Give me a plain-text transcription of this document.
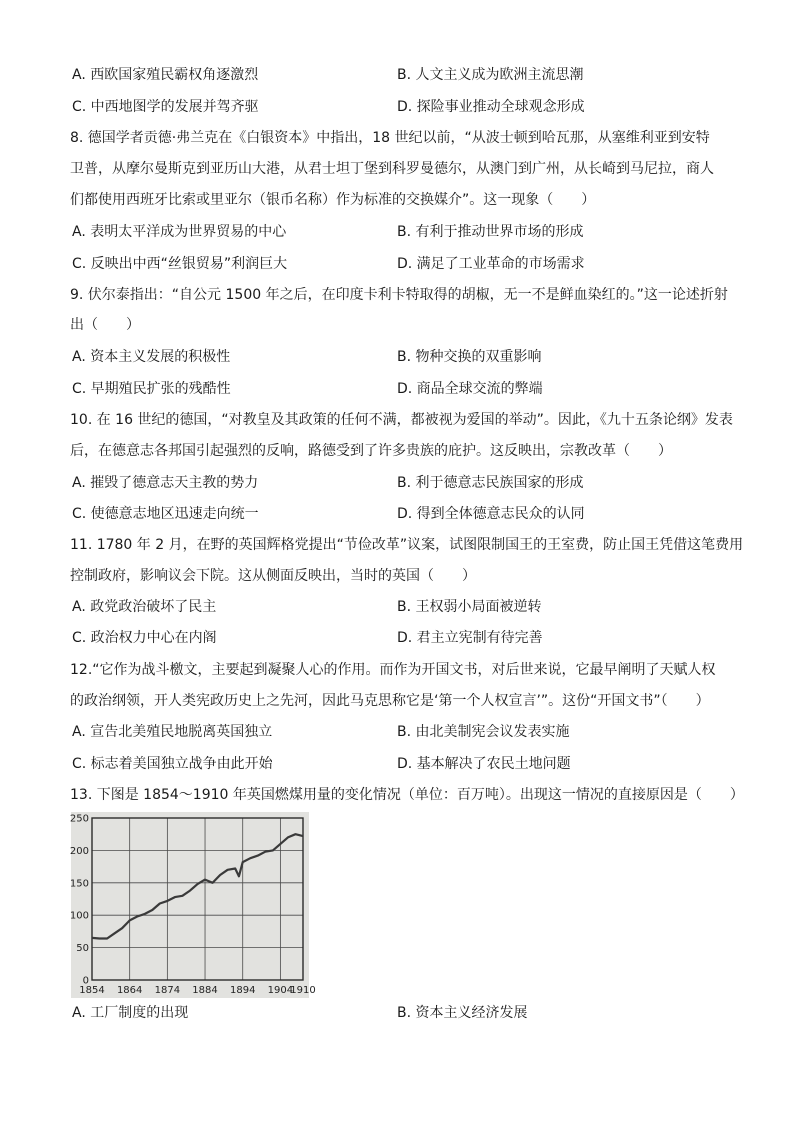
A. 西欧国家殖民霸权角逐激烈	B. 人文主义成为欧洲主流思潮
C. 中西地图学的发展并驾齐驱	D. 探险事业推动全球观念形成
8. 德国学者贡德·弗兰克在《白银资本》中指出，18 世纪以前，“从波士顿到哈瓦那，从塞维利亚到安特
卫普，从摩尔曼斯克到亚历山大港，从君士坦丁堡到科罗曼德尔，从澳门到广州，从长崎到马尼拉，商人
们都使用西班牙比索或里亚尔（银币名称）作为标准的交换媒介”。这一现象（　　）
A. 表明太平洋成为世界贸易的中心	B. 有利于推动世界市场的形成
C. 反映出中西“丝银贸易”利润巨大	D. 满足了工业革命的市场需求
9. 伏尔泰指出：“自公元 1500 年之后，在印度卡利卡特取得的胡椒，无一不是鲜血染红的。”这一论述折射
出（　　）
A. 资本主义发展的积极性	B. 物种交换的双重影响
C. 早期殖民扩张的残酷性	D. 商品全球交流的弊端
10. 在 16 世纪的德国，“对教皇及其政策的任何不满，都被视为爱国的举动”。因此，《九十五条论纲》发表
后，在德意志各邦国引起强烈的反响，路德受到了许多贵族的庇护。这反映出，宗教改革（　　）
A. 摧毁了德意志天主教的势力	B. 利于德意志民族国家的形成
C. 使德意志地区迅速走向统一	D. 得到全体德意志民众的认同
11. 1780 年 2 月，在野的英国辉格党提出“节俭改革”议案，试图限制国王的王室费，防止国王凭借这笔费用
控制政府，影响议会下院。这从侧面反映出，当时的英国（　　）
A. 政党政治破坏了民主	B. 王权弱小局面被逆转
C. 政治权力中心在内阁	D. 君主立宪制有待完善
12.“它作为战斗檄文，主要起到凝聚人心的作用。而作为开国文书，对后世来说，它最早阐明了天赋人权
的政治纲领，开人类宪政历史上之先河，因此马克思称它是‘第一个人权宣言’”。这份“开国文书”（　　）
A. 宣告北美殖民地脱离英国独立	B. 由北美制宪会议发表实施
C. 标志着美国独立战争由此开始	D. 基本解决了农民土地问题
13. 下图是 1854～1910 年英国燃煤用量的变化情况（单位：百万吨）。出现这一情况的直接原因是（　　）
0
50
100
150
200
250
1854 1864 1874 1884 1894 1904
1910
A. 工厂制度的出现	B. 资本主义经济发展
